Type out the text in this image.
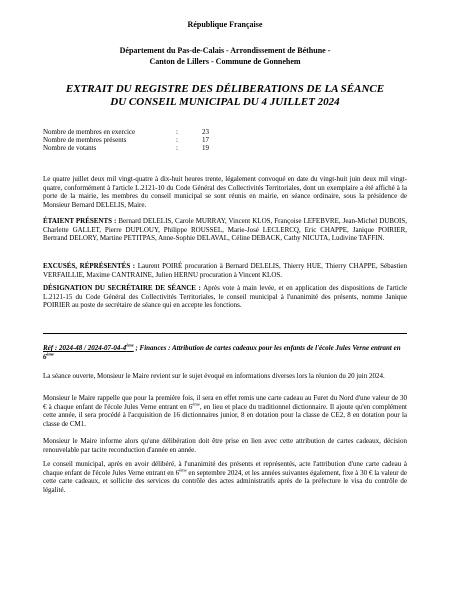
République Française
Département du Pas-de-Calais - Arrondissement de Béthune -
Canton de Lillers - Commune de Gonnehem
EXTRAIT DU REGISTRE DES DÉLIBERATIONS DE LA SÉANCE
DU CONSEIL MUNICIPAL DU 4 JUILLET 2024
Nombre de membres en exercice	:	23
Nombre de membres présents	:	17
Nombre de votants	:	19
Le quatre juillet deux mil vingt-quatre à dix-huit heures trente, légalement convoqué en date du vingt-huit juin deux mil vingt-quatre, conformément à l'article L.2121-10 du Code Général des Collectivités Territoriales, dont un exemplaire a été affiché à la porte de la mairie, les membres du conseil municipal se sont réunis en mairie, en séance ordinaire, sous la présidence de Monsieur Bernard DELELIS, Maire.
ÉTAIENT PRÉSENTS : Bernard DELELIS, Carole MURRAY, Vincent KLOS, Françoise LEFEBVRE, Jean-Michel DUBOIS, Charlette GALLET, Pierre DUPLOUY, Philippe ROUSSEL, Marie-José LECLERCQ, Eric CHAPPE, Janique POIRIER, Bertrand DELORY, Martine PETITPAS, Anne-Sophie DELAVAL, Céline DEBACK, Cathy NICUTA, Ludivine TAFFIN.
EXCUSÉS, RÉPRÉSENTÉS : Laurent POIRÉ procuration à Bernard DELELIS, Thierry HUE, Thierry CHAPPE, Sébastien VERFAILLIE, Maxime CANTRAINE, Julien HERNU procuration à Vincent KLOS.
DÉSIGNATION DU SECRÉTAIRE DE SÉANCE : Après vote à main levée, et en application des dispositions de l'article L.2121-15 du Code Général des Collectivités Territoriales, le conseil municipal à l'unanimité des présents, nomme Janique POIRIER au poste de secrétaire de séance qui en accepte les fonctions.
Réf : 2024-48 / 2024-07-04-4ème ; Finances : Attribution de cartes cadeaux pour les enfants de l'école Jules Verne entrant en 6ème
La séance ouverte, Monsieur le Maire revient sur le sujet évoqué en informations diverses lors la réunion du 20 juin 2024.
Monsieur le Maire rappelle que pour la première fois, il sera en effet remis une carte cadeau au Furet du Nord d'une valeur de 30 € à chaque enfant de l'école Jules Verne entrant en 6ème, en lieu et place du traditionnel dictionnaire. Il ajoute qu'en complément cette année, il sera procédé à l'acquisition de 16 dictionnaires junior, 8 en dotation pour la classe de CE2, 8 en dotation pour la classe de CM1.
Monsieur le Maire informe alors qu'une délibération doit être prise en lien avec cette attribution de cartes cadeaux, décision renouvelable par tacite reconduction d'année en année.
Le conseil municipal, après en avoir délibéré, à l'unanimité des présents et représentés, acte l'attribution d'une carte cadeau à chaque enfant de l'école Jules Verne entrant en 6ème en septembre 2024, et les années suivantes également, fixe à 30 € la valeur de cette carte cadeaux, et sollicite des services du contrôle des actes administratifs après de la préfecture le visa du contrôle de légalité.
